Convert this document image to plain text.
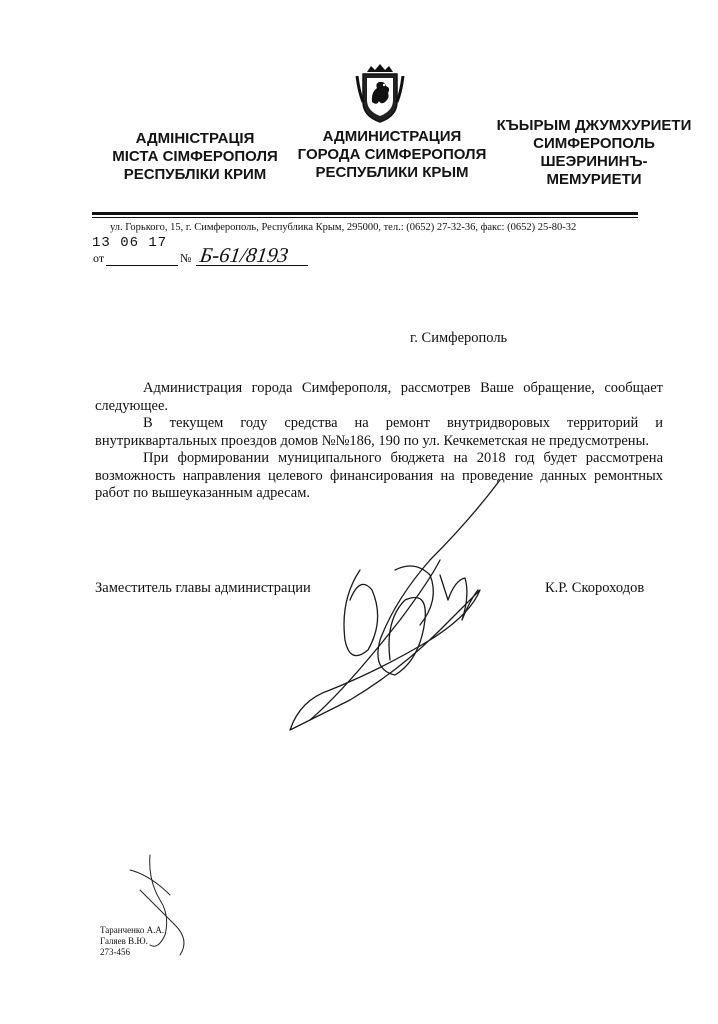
АДМІНІСТРАЦІЯ
МІСТА СІМФЕРОПОЛЯ
РЕСПУБЛІКИ КРИМ
АДМИНИСТРАЦИЯ
ГОРОДА СИМФЕРОПОЛЯ
РЕСПУБЛИКИ КРЫМ
КЪЫРЫМ ДЖУМХУРИЕТИ
СИМФЕРОПОЛЬ
ШЕЭРИНИНЪ-
МЕМУРИЕТИ
ул. Горького, 15, г. Симферополь, Республика Крым, 295000, тел.: (0652) 27-32-36, факс: (0652) 25-80-32
13 06 17
от	№ Б-61/8193
г. Симферополь

Администрация города Симферополя, рассмотрев Ваше обращение, сообщает следующее.

В текущем году средства на ремонт внутридворовых территорий и внутриквартальных проездов домов №№186, 190 по ул. Кечкеметская не предусмотрены.

При формировании муниципального бюджета на 2018 год будет рассмотрена возможность направления целевого финансирования на проведение данных ремонтных работ по вышеуказанным адресам.

Заместитель главы администрации	К.Р. Скороходов
Таранченко А.А.
Галяев В.Ю.
273-456
